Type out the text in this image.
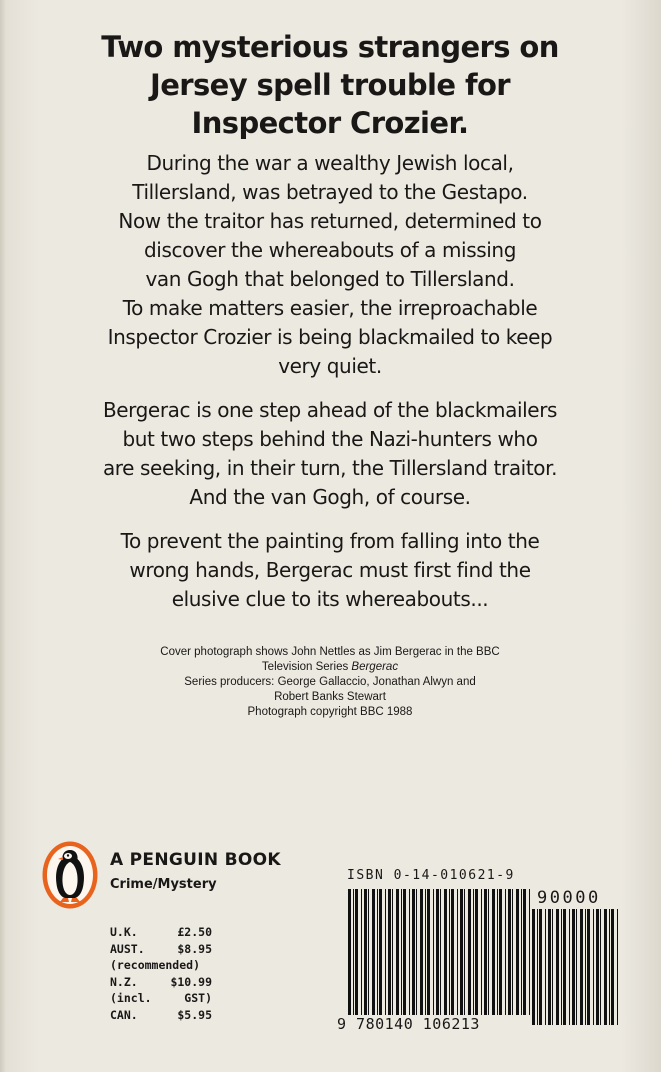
Two mysterious strangers on
Jersey spell trouble for
Inspector Crozier.

During the war a wealthy Jewish local,
Tillersland, was betrayed to the Gestapo.
Now the traitor has returned, determined to
discover the whereabouts of a missing
van Gogh that belonged to Tillersland.
To make matters easier, the irreproachable
Inspector Crozier is being blackmailed to keep
very quiet.

Bergerac is one step ahead of the blackmailers
but two steps behind the Nazi-hunters who
are seeking, in their turn, the Tillersland traitor.
And the van Gogh, of course.

To prevent the painting from falling into the
wrong hands, Bergerac must first find the
elusive clue to its whereabouts...

Cover photograph shows John Nettles as Jim Bergerac in the BBC
Television Series Bergerac
Series producers: George Gallaccio, Jonathan Alwyn and
Robert Banks Stewart
Photograph copyright BBC 1988

A PENGUIN BOOK
Crime/Mystery
U.K.	£2.50
AUST.	$8.95
(recommended)
N.Z.	$10.99
(incl.	GST)
CAN.	$5.95
ISBN 0-14-010621-9
90000
9 780140 106213
